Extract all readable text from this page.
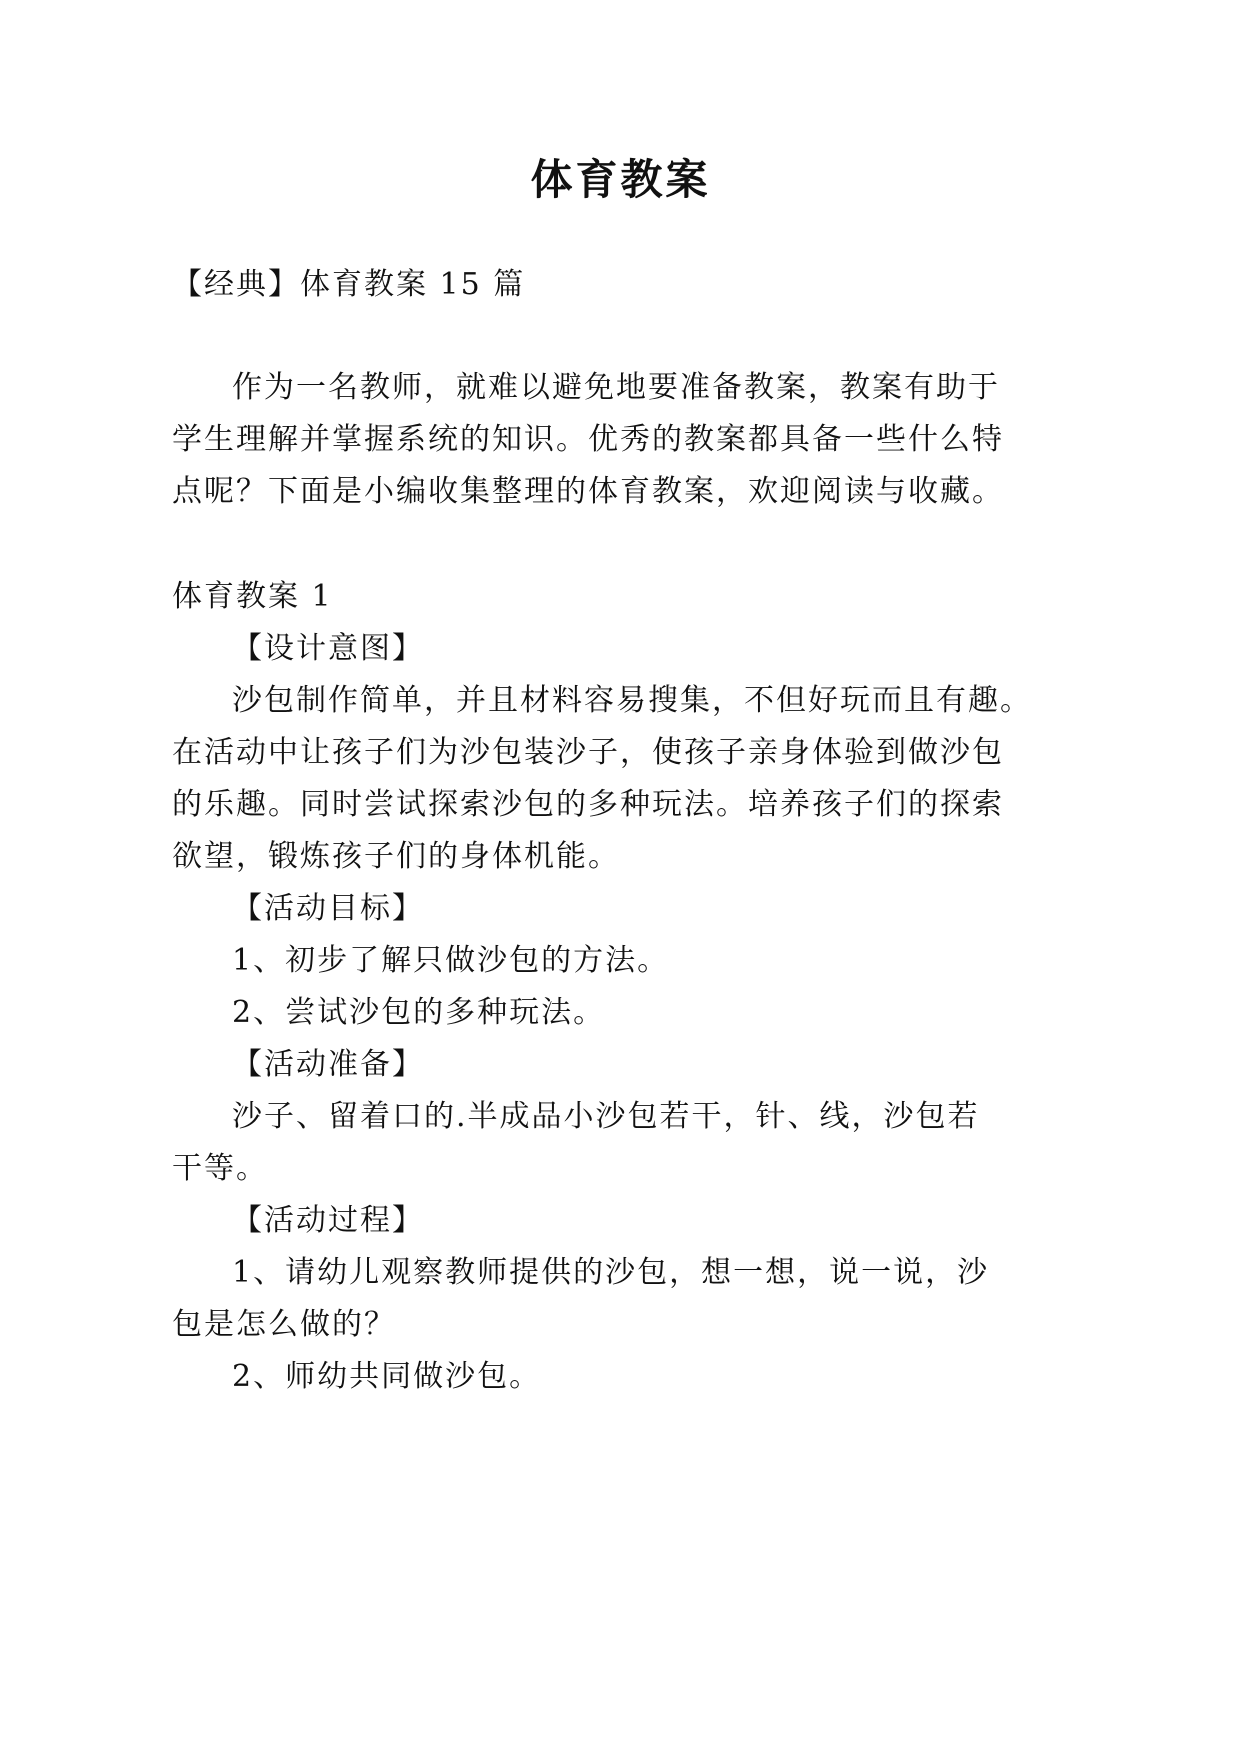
体育教案
【经典】体育教案 15 篇
作为一名教师，就难以避免地要准备教案，教案有助于
学生理解并掌握系统的知识。优秀的教案都具备一些什么特
点呢？下面是小编收集整理的体育教案，欢迎阅读与收藏。
体育教案 1
【设计意图】
沙包制作简单，并且材料容易搜集，不但好玩而且有趣。
在活动中让孩子们为沙包装沙子，使孩子亲身体验到做沙包
的乐趣。同时尝试探索沙包的多种玩法。培养孩子们的探索
欲望，锻炼孩子们的身体机能。
【活动目标】
1、初步了解只做沙包的方法。
2、尝试沙包的多种玩法。
【活动准备】
沙子、留着口的.半成品小沙包若干，针、线，沙包若
干等。
【活动过程】
1、请幼儿观察教师提供的沙包，想一想，说一说，沙
包是怎么做的？
2、师幼共同做沙包。
